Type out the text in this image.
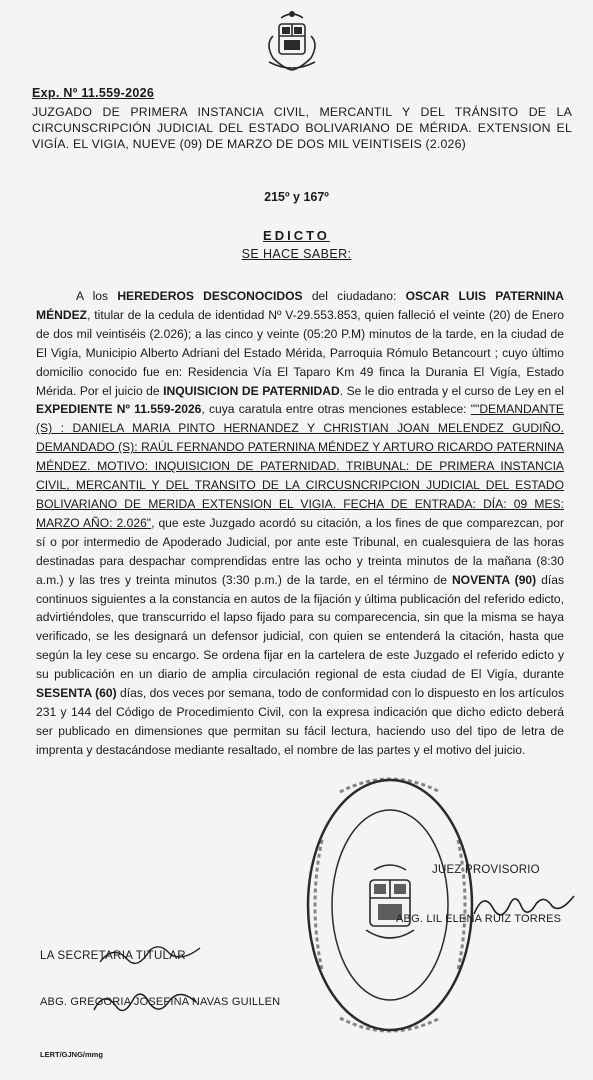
Exp. Nº 11.559-2026
JUZGADO DE PRIMERA INSTANCIA CIVIL, MERCANTIL Y DEL TRÁNSITO DE LA CIRCUNSCRIPCIÓN JUDICIAL DEL ESTADO BOLIVARIANO DE MÉRIDA. EXTENSION EL VIGÍA. EL VIGIA, NUEVE (09) DE MARZO DE DOS MIL VEINTISEIS (2.026)
215º y 167º
EDICTO
SE HACE SABER:
A los HEREDEROS DESCONOCIDOS del ciudadano: OSCAR LUIS PATERNINA MÉNDEZ, titular de la cedula de identidad Nº V-29.553.853, quien falleció el veinte (20) de Enero de dos mil veintiséis (2.026); a las cinco y veinte (05:20 P.M) minutos de la tarde, en la ciudad de El Vigía, Municipio Alberto Adriani del Estado Mérida, Parroquia Rómulo Betancourt ; cuyo último domicilio conocido fue en: Residencia Vía El Taparo Km 49 finca la Durania El Vigía, Estado Mérida. Por el juicio de INQUISICION DE PATERNIDAD. Se le dio entrada y el curso de Ley en el EXPEDIENTE Nº 11.559-2026, cuya caratula entre otras menciones establece: ""DEMANDANTE (S) : DANIELA MARIA PINTO HERNANDEZ Y CHRISTIAN JOAN MELENDEZ GUDIÑO. DEMANDADO (S): RAÚL FERNANDO PATERNINA MÉNDEZ Y ARTURO RICARDO PATERNINA MÉNDEZ. MOTIVO: INQUISICION DE PATERNIDAD. TRIBUNAL: DE PRIMERA INSTANCIA CIVIL, MERCANTIL Y DEL TRANSITO DE LA CIRCUSNCRIPCION JUDICIAL DEL ESTADO BOLIVARIANO DE MERIDA EXTENSION EL VIGIA. FECHA DE ENTRADA: DÍA: 09 MES: MARZO AÑO: 2.026", que este Juzgado acordó su citación, a los fines de que comparezcan, por sí o por intermedio de Apoderado Judicial, por ante este Tribunal, en cualesquiera de las horas destinadas para despachar comprendidas entre las ocho y treinta minutos de la mañana (8:30 a.m.) y las tres y treinta minutos (3:30 p.m.) de la tarde, en el término de NOVENTA (90) días continuos siguientes a la constancia en autos de la fijación y última publicación del referido edicto, advirtiéndoles, que transcurrido el lapso fijado para su comparecencia, sin que la misma se haya verificado, se les designará un defensor judicial, con quien se entenderá la citación, hasta que según la ley cese su encargo. Se ordena fijar en la cartelera de este Juzgado el referido edicto y su publicación en un diario de amplia circulación regional de esta ciudad de El Vigía, durante SESENTA (60) días, dos veces por semana, todo de conformidad con lo dispuesto en los artículos 231 y 144 del Código de Procedimiento Civil, con la expresa indicación que dicho edicto deberá ser publicado en dimensiones que permitan su fácil lectura, haciendo uso del tipo de letra de imprenta y destacándose mediante resaltado, el nombre de las partes y el motivo del juicio.
JUEZ PROVISORIO
ABG. LIL ELENA RUIZ TORRES
LA SECRETARIA TITULAR
ABG. GREGORIA JOSEFINA NAVAS GUILLEN
LERT/GJNG/mmg
